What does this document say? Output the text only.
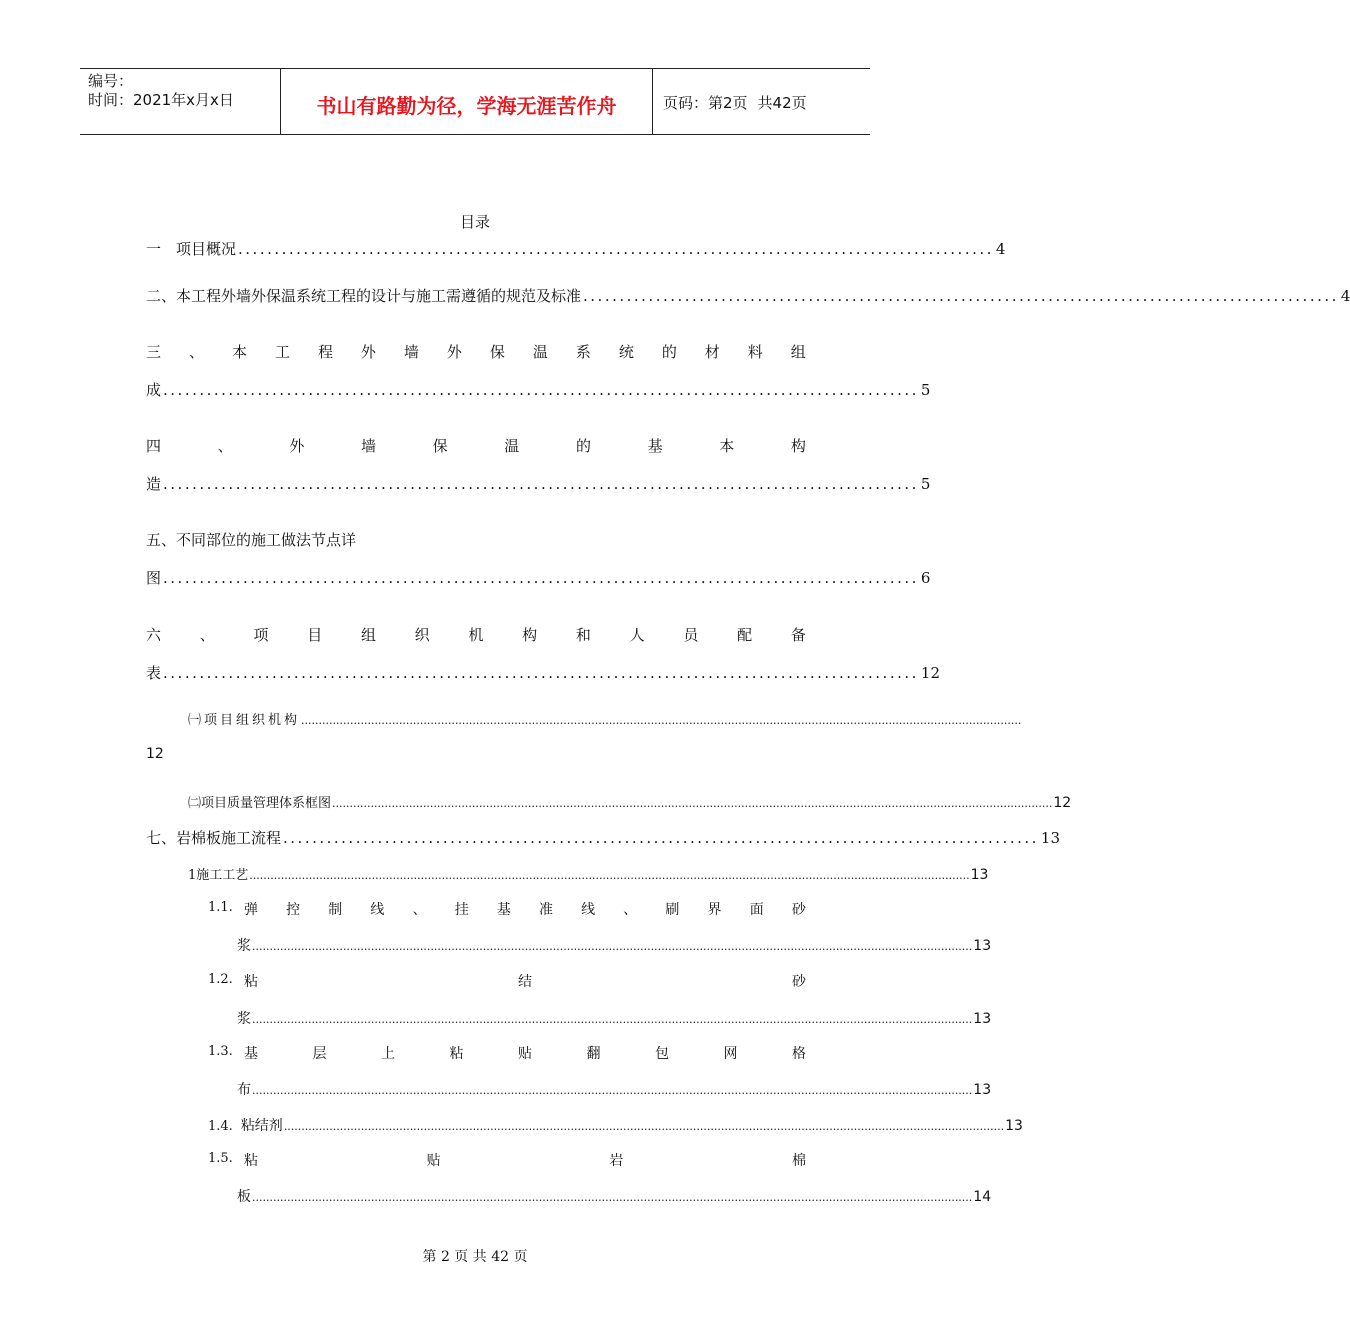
编号：
时间：2021年x月x日	书山有路勤为径，学海无涯苦作舟	页码：第2页 共42页
目录
一　项目概况 ........................................................................................................ 4
二、本工程外墙外保温系统工程的设计与施工需遵循的规范及标准 ........................................................................................................ 4
三 、 本 工 程 外 墙 外 保 温 系 统 的 材 料 组
成 ........................................................................................................ 5
四	、	外	墙	保	温	的	基	本	构
造 ........................................................................................................ 5
五、不同部位的施工做法节点详
图 ........................................................................................................ 6
六	、	项	目	组	织	机	构	和	人	员	配	备
表 ........................................................................................................ 12
㈠项目组织机构 ..............................................................................................................................................................................................................
12
㈡项目质量管理体系框图 .............................................................................................................................................................................................................. 12
七、岩棉板施工流程 ........................................................................................................ 13
1施工工艺 .............................................................................................................................................................................................................. 13
1.1. 弹 控 制 线 、 挂 基 准 线 、 刷 界 面 砂
浆 .............................................................................................................................................................................................................. 13
1.2. 粘	结	砂
浆 .............................................................................................................................................................................................................. 13
1.3. 基	层	上	粘	贴	翻	包	网	格
布 .............................................................................................................................................................................................................. 13
1.4. 粘结剂 .............................................................................................................................................................................................................. 13
1.5. 粘	贴	岩	棉
板 .............................................................................................................................................................................................................. 14
第 2 页 共 42 页
